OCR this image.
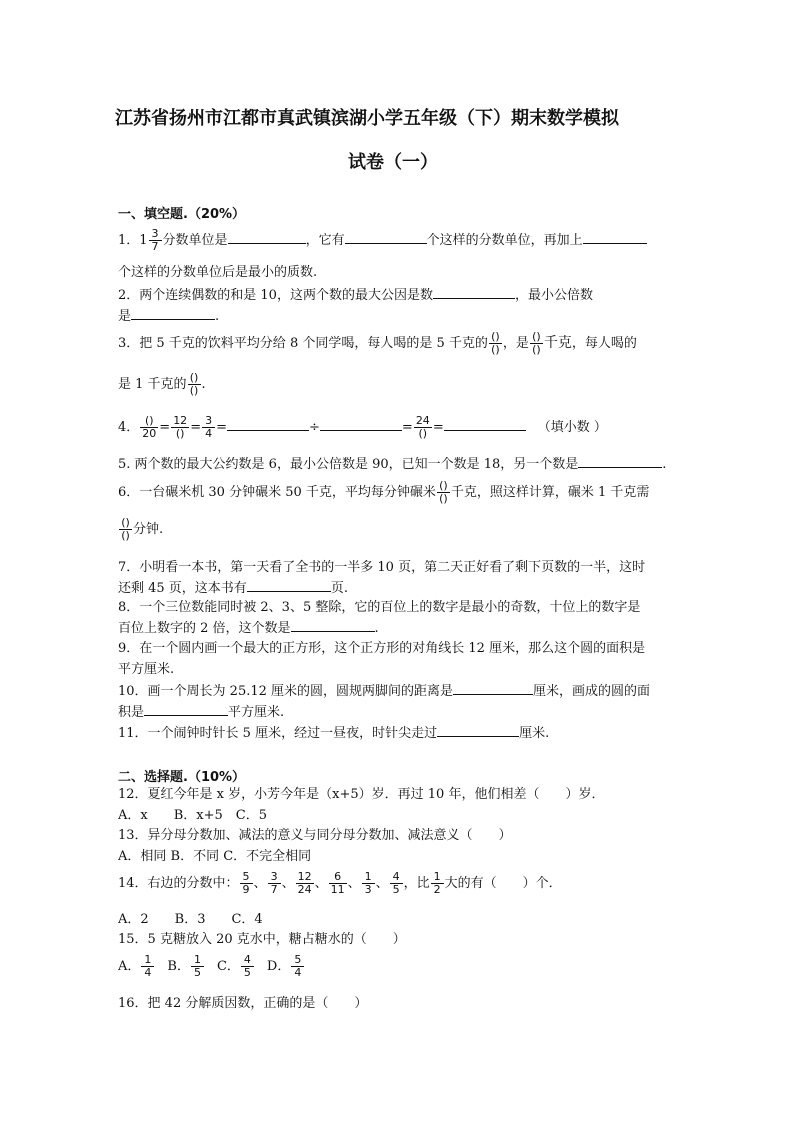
江苏省扬州市江都市真武镇滨湖小学五年级（下）期末数学模拟
试卷（一）
一、填空题.（20%）
1．$1 \frac{3}{7}$ 分数单位是	，它有	个这样的分数单位，再加上
个这样的分数单位后是最小的质数.
2．两个连续偶数的和是 10，这两个数的最大公因是数	，最小公倍数
是	.
3．把 5 千克的饮料平均分给 8 个同学喝，每人喝的是 5 千克的 ()
() ，是 ()
() 千克，每人喝的
是 1 千克的 ()
() .
4． ()
20 = 12
() = $\frac{3}{4}$ =	÷	= 24
() =	（填小数 ）
5. 两个数的最大公约数是 6，最小公倍数是 90，已知一个数是 18，另一个数是	.
6．一台碾米机 30 分钟碾米 50 千克，平均每分钟碾米 ()
() 千克，照这样计算，碾米 1 千克需
()
() 分钟.
7．小明看一本书，第一天看了全书的一半多 10 页，第二天正好看了剩下页数的一半，这时
还剩 45 页，这本书有	页.
8．一个三位数能同时被 2、3、5 整除，它的百位上的数字是最小的奇数，十位上的数字是
百位上数字的 2 倍，这个数是	.
9．在一个圆内画一个最大的正方形，这个正方形的对角线长 12 厘米，那么这个圆的面积是
平方厘米.
10．画一个周长为 25.12 厘米的圆，圆规两脚间的距离是	厘米，画成的圆的面
积是	平方厘米.
11．一个闹钟时针长 5 厘米，经过一昼夜，时针尖走过	厘米.
二、选择题.（10%）
12．夏红今年是 x 岁，小芳今年是（x+5）岁．再过 10 年，他们相差（　　）岁．
A．x　　B．x+5　C．5
13．异分母分数加、减法的意义与同分母分数加、减法意义（　　）
A．相同 B．不同 C．不完全相同
14．右边的分数中： $\frac{5}{9}$ 、 $\frac{3}{7}$ 、 $\frac{12}{24}$ 、 $\frac{6}{11}$ 、 $\frac{1}{3}$ 、 $\frac{4}{5}$ ，比 $\frac{1}{2}$ 大的有（　　）个．
A．2　　B．3　　C．4
15．5 克糖放入 20 克水中，糖占糖水的（　　）
A． $\frac{1}{4}$ B． $\frac{1}{5}$ C． $\frac{4}{5}$ D． $\frac{5}{4}$
16．把 42 分解质因数，正确的是（　　）
